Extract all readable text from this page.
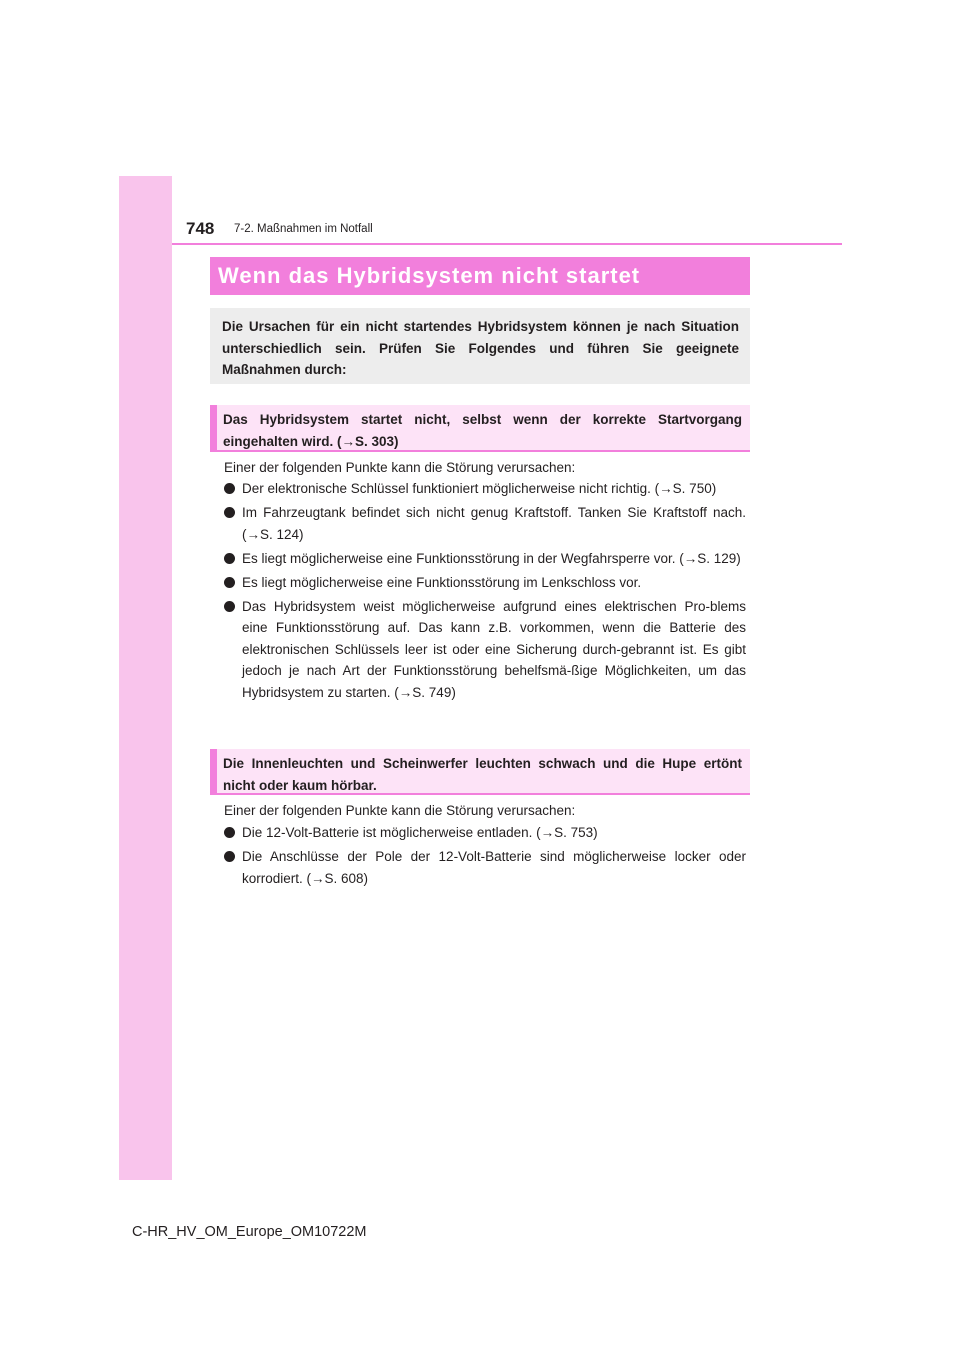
748 7-2. Maßnahmen im Notfall
Wenn das Hybridsystem nicht startet
Die Ursachen für ein nicht startendes Hybridsystem können je nach Situation unterschiedlich sein. Prüfen Sie Folgendes und führen Sie geeignete Maßnahmen durch:
Das Hybridsystem startet nicht, selbst wenn der korrekte Startvorgang eingehalten wird. (→S. 303)
Einer der folgenden Punkte kann die Störung verursachen:
Der elektronische Schlüssel funktioniert möglicherweise nicht richtig. (→S. 750)
Im Fahrzeugtank befindet sich nicht genug Kraftstoff. Tanken Sie Kraftstoff nach. (→S. 124)
Es liegt möglicherweise eine Funktionsstörung in der Wegfahrsperre vor. (→S. 129)
Es liegt möglicherweise eine Funktionsstörung im Lenkschloss vor.
Das Hybridsystem weist möglicherweise aufgrund eines elektrischen Pro-blems eine Funktionsstörung auf. Das kann z.B. vorkommen, wenn die Batterie des elektronischen Schlüssels leer ist oder eine Sicherung durch-gebrannt ist. Es gibt jedoch je nach Art der Funktionsstörung behelfsmä-ßige Möglichkeiten, um das Hybridsystem zu starten. (→S. 749)
Die Innenleuchten und Scheinwerfer leuchten schwach und die Hupe ertönt nicht oder kaum hörbar.
Einer der folgenden Punkte kann die Störung verursachen:
Die 12-Volt-Batterie ist möglicherweise entladen. (→S. 753)
Die Anschlüsse der Pole der 12-Volt-Batterie sind möglicherweise locker oder korrodiert. (→S. 608)
C-HR_HV_OM_Europe_OM10722M
